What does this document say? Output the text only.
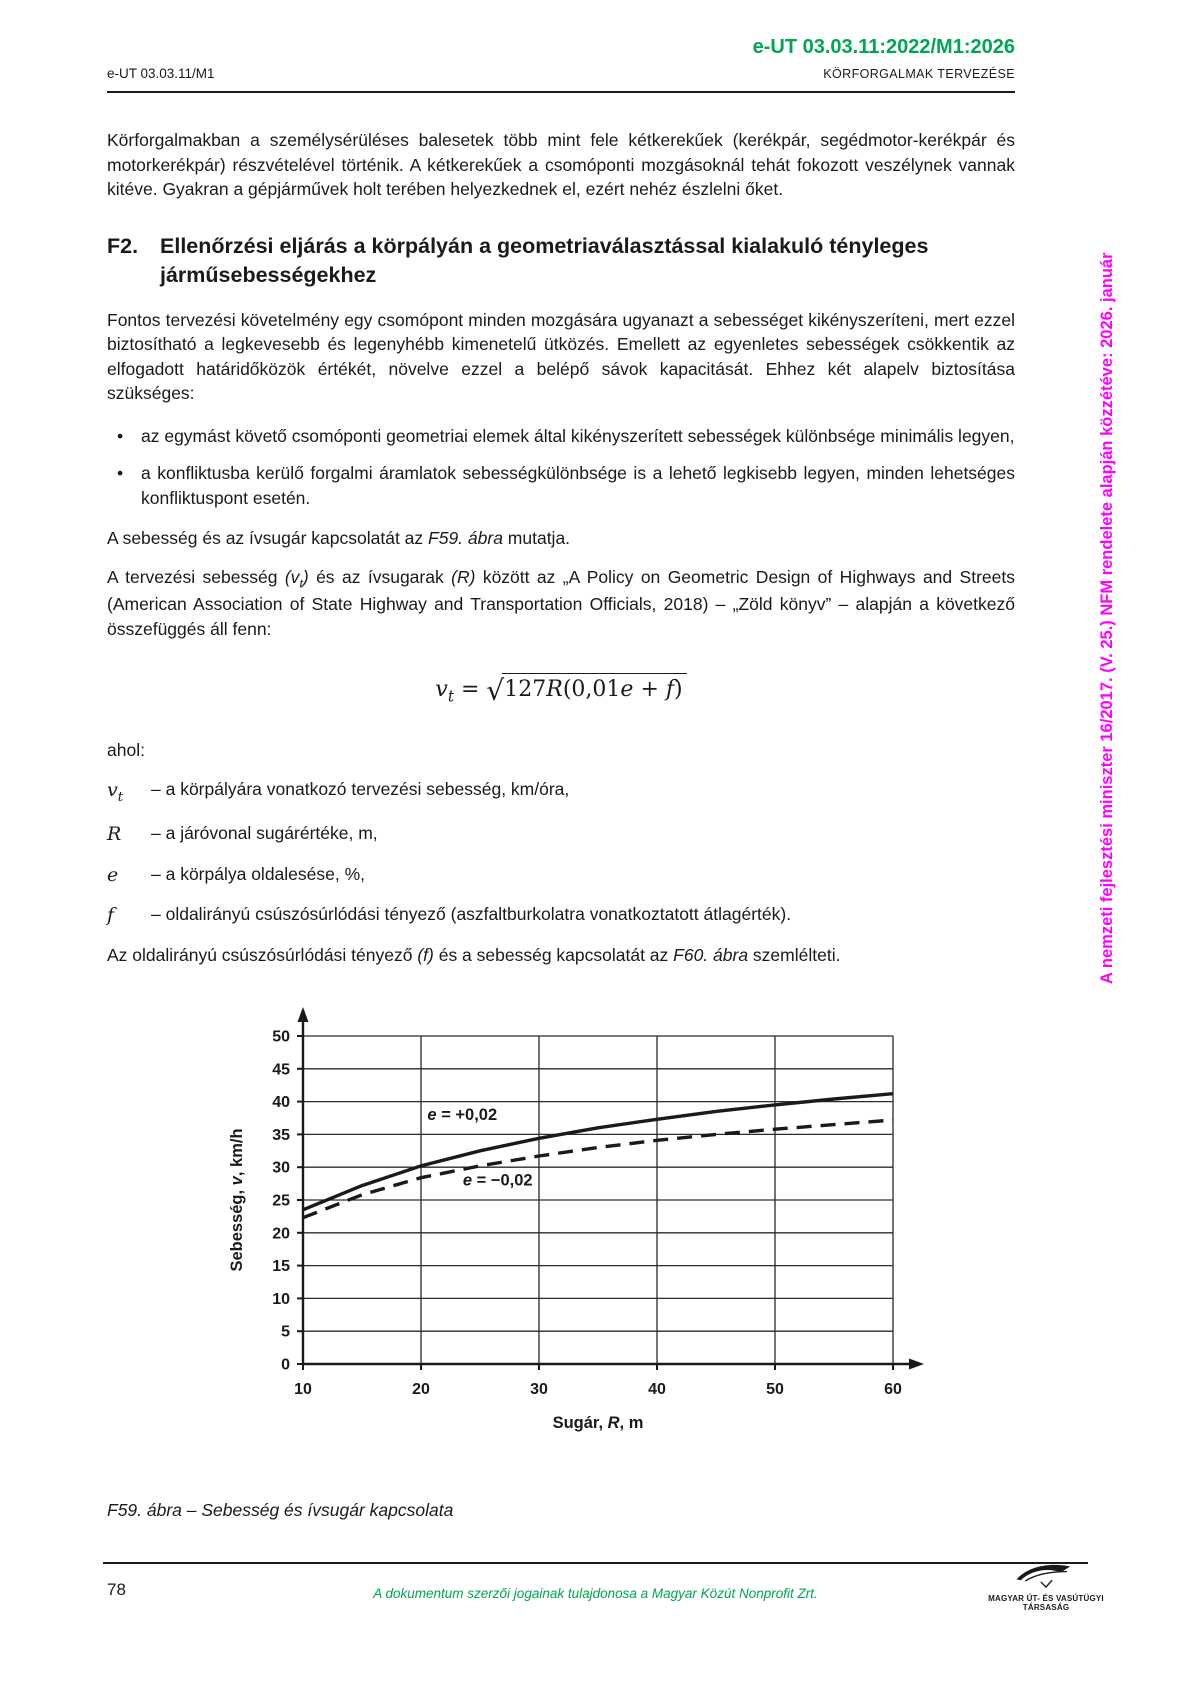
e-UT 03.03.11:2022/M1:2026
e-UT 03.03.11/M1	KÖRFORGALMAK TERVEZÉSE
A nemzeti fejlesztési miniszter 16/2017. (V. 25.) NFM rendelete alapján közzétéve: 2026. január

Körforgalmakban a személysérüléses balesetek több mint fele kétkerekűek (kerékpár, segédmotor-kerékpár és motorkerékpár) részvételével történik. A kétkerekűek a csomóponti mozgásoknál tehát fokozott veszélynek vannak kitéve. Gyakran a gépjárművek holt terében helyezkednek el, ezért nehéz észlelni őket.

F2.	Ellenőrzési eljárás a körpályán a geometriaválasztással kialakuló tényleges járműsebességekhez

Fontos tervezési követelmény egy csomópont minden mozgására ugyanazt a sebességet kikényszeríteni, mert ezzel biztosítható a legkevesebb és legenyhébb kimenetelű ütközés. Emellett az egyenletes sebességek csökkentik az elfogadott határidőközök értékét, növelve ezzel a belépő sávok kapacitását. Ehhez két alapelv biztosítása szükséges:

• az egymást követő csomóponti geometriai elemek által kikényszerített sebességek különbsége minimális legyen,
• a konfliktusba kerülő forgalmi áramlatok sebességkülönbsége is a lehető legkisebb legyen, minden lehetséges konfliktuspont esetén.

A sebesség és az ívsugár kapcsolatát az F59. ábra mutatja.

A tervezési sebesség $(v_t)$ és az ívsugarak (R) között az „A Policy on Geometric Design of Highways and Streets (American Association of State Highway and Transportation Officials, 2018) – „Zöld könyv” – alapján a következő összefüggés áll fenn:

$v_t = √127R(0,01e + f)$

ahol:

$v_t$	– a körpályára vonatkozó tervezési sebesség, km/óra,
R	– a járóvonal sugárértéke, m,
e	– a körpálya oldalesése, %,
f	– oldalirányú csúszósúrlódási tényező (aszfaltburkolatra vonatkoztatott átlagérték).

Az oldalirányú csúszósúrlódási tényező (f) és a sebesség kapcsolatát az F60. ábra szemlélteti.

0
5
10
15
20
25
30
35
40
45
50
10	20	30	40	50	60
e = +0,02
e = −0,02
Sugár, R, m
Sebesség, v, km/h
F59. ábra – Sebesség és ívsugár kapcsolata
78	A dokumentum szerzői jogainak tulajdonosa a Magyar Közút Nonprofit Zrt.	MAGYAR ÚT- ÉS VASÚTÜGYI TÁRSASÁG
